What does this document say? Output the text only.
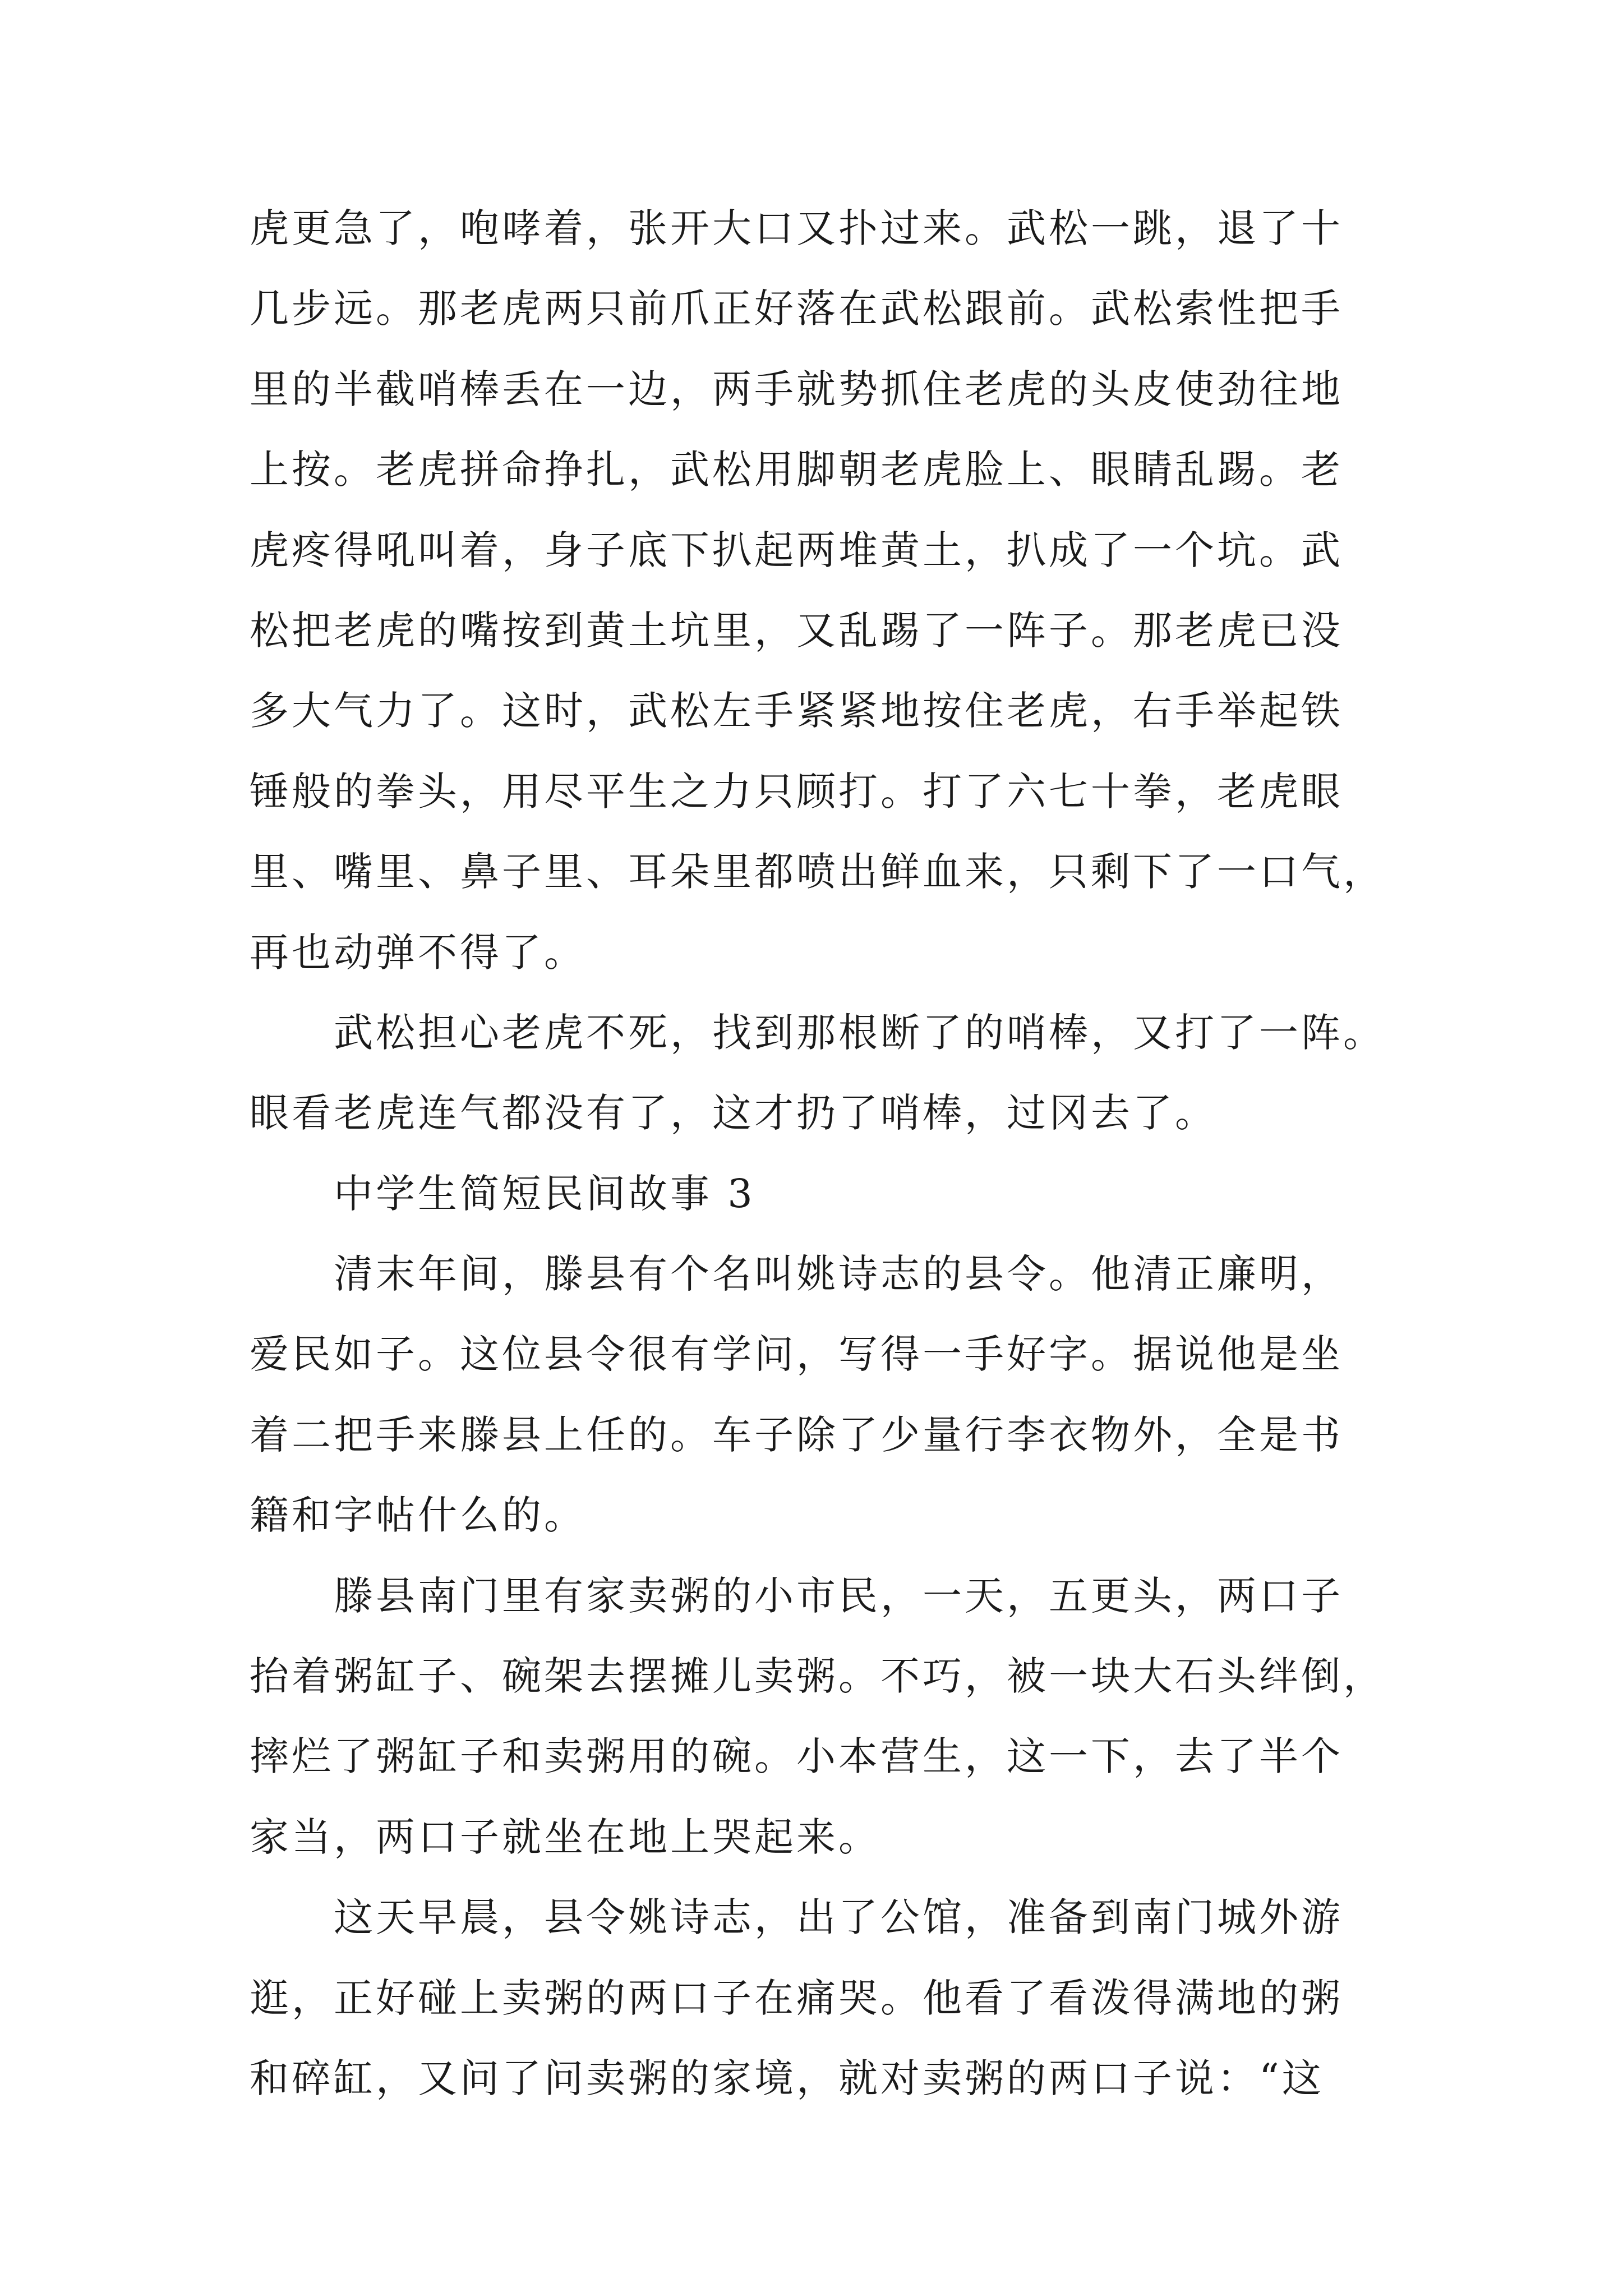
虎更急了，咆哮着，张开大口又扑过来。武松一跳，退了十
几步远。那老虎两只前爪正好落在武松跟前。武松索性把手
里的半截哨棒丢在一边，两手就势抓住老虎的头皮使劲往地
上按。老虎拼命挣扎，武松用脚朝老虎脸上、眼睛乱踢。老
虎疼得吼叫着，身子底下扒起两堆黄土，扒成了一个坑。武
松把老虎的嘴按到黄土坑里，又乱踢了一阵子。那老虎已没
多大气力了。这时，武松左手紧紧地按住老虎，右手举起铁
锤般的拳头，用尽平生之力只顾打。打了六七十拳，老虎眼
里、嘴里、鼻子里、耳朵里都喷出鲜血来，只剩下了一口气，
再也动弹不得了。
武松担心老虎不死，找到那根断了的哨棒，又打了一阵。
眼看老虎连气都没有了，这才扔了哨棒，过冈去了。
中学生简短民间故事 3
清末年间，滕县有个名叫姚诗志的县令。他清正廉明，
爱民如子。这位县令很有学问，写得一手好字。据说他是坐
着二把手来滕县上任的。车子除了少量行李衣物外，全是书
籍和字帖什么的。
滕县南门里有家卖粥的小市民，一天，五更头，两口子
抬着粥缸子、碗架去摆摊儿卖粥。不巧，被一块大石头绊倒，
摔烂了粥缸子和卖粥用的碗。小本营生，这一下，去了半个
家当，两口子就坐在地上哭起来。
这天早晨，县令姚诗志，出了公馆，准备到南门城外游
逛，正好碰上卖粥的两口子在痛哭。他看了看泼得满地的粥
和碎缸，又问了问卖粥的家境，就对卖粥的两口子说：“这
